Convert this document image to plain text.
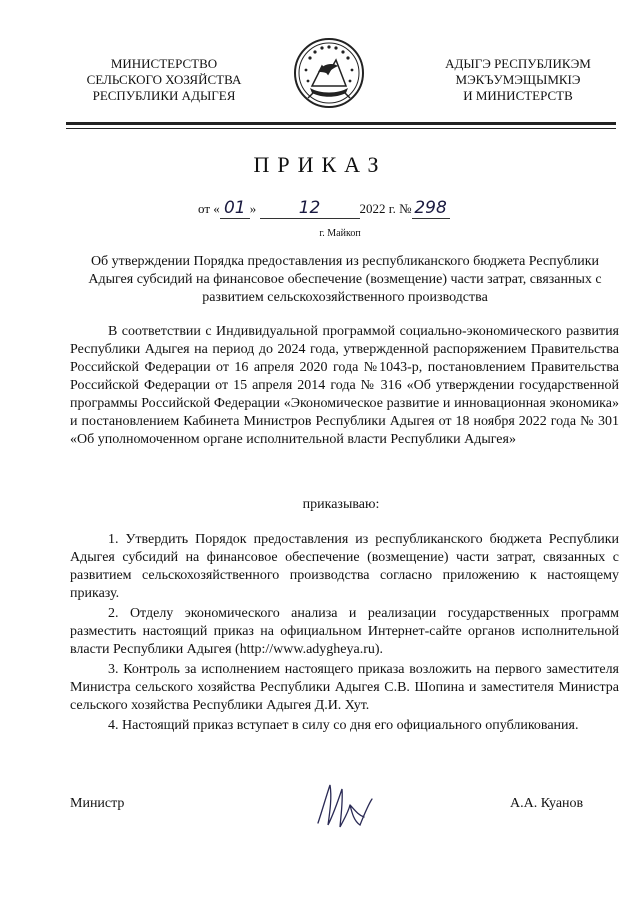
МИНИСТЕРСТВО
СЕЛЬСКОГО ХОЗЯЙСТВА
РЕСПУБЛИКИ АДЫГЕЯ
АДЫГЭ РЕСПУБЛИКЭМ
МЭКЪУМЭЩЫМКIЭ
И МИНИСТЕРСТВ
ПРИКАЗ
от « 01 » 12	2022 г. № 298
г. Майкоп
Об утверждении Порядка предоставления из республиканского бюджета Республики Адыгея субсидий на финансовое обеспечение (возмещение) части затрат, связанных с развитием сельскохозяйственного производства
В соответствии с Индивидуальной программой социально-экономического развития Республики Адыгея на период до 2024 года, утвержденной распоряжением Правительства Российской Федерации от 16 апреля 2020 года №1043-р, постановлением Правительства Российской Федерации от 15 апреля 2014 года № 316 «Об утверждении государственной программы Российской Федерации «Экономическое развитие и инновационная экономика» и постановлением Кабинета Министров Республики Адыгея от 18 ноября 2022 года № 301 «Об уполномоченном органе исполнительной власти Республики Адыгея»
приказываю:

1. Утвердить Порядок предоставления из республиканского бюджета Республики Адыгея субсидий на финансовое обеспечение (возмещение) части затрат, связанных с развитием сельскохозяйственного производства согласно приложению к настоящему приказу.

2. Отделу экономического анализа и реализации государственных программ разместить настоящий приказ на официальном Интернет-сайте органов исполнительной власти Республики Адыгея (http://www.adygheya.ru).

3. Контроль за исполнением настоящего приказа возложить на первого заместителя Министра сельского хозяйства Республики Адыгея С.В. Шопина и заместителя Министра сельского хозяйства Республики Адыгея Д.И. Хут.

4. Настоящий приказ вступает в силу со дня его официального опубликования.

Министр	А.А. Куанов
